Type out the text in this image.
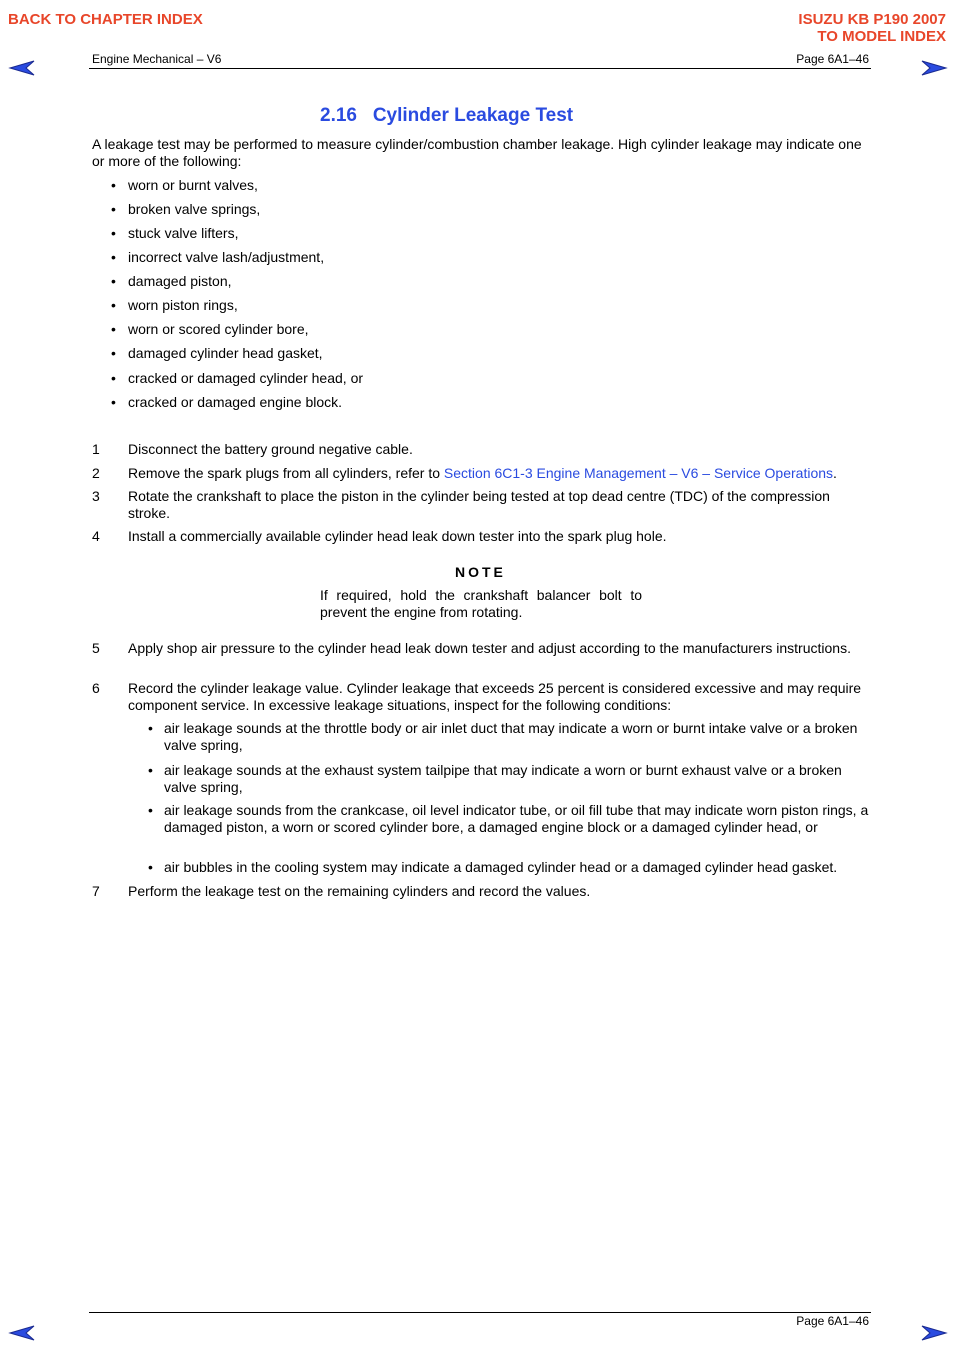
BACK TO CHAPTER INDEX	ISUZU KB P190 2007
TO MODEL INDEX
Engine Mechanical – V6	Page 6A1–46
2.16   Cylinder Leakage Test
A leakage test may be performed to measure cylinder/combustion chamber leakage. High cylinder leakage may indicate one or more of the following:
• worn or burnt valves,
• broken valve springs,
• stuck valve lifters,
• incorrect valve lash/adjustment,
• damaged piston,
• worn piston rings,
• worn or scored cylinder bore,
• damaged cylinder head gasket,
• cracked or damaged cylinder head, or
• cracked or damaged engine block.
1 Disconnect the battery ground negative cable.
2 Remove the spark plugs from all cylinders, refer to Section 6C1-3 Engine Management – V6 – Service Operations.
3 Rotate the crankshaft to place the piston in the cylinder being tested at top dead centre (TDC) of the compression stroke.
4 Install a commercially available cylinder head leak down tester into the spark plug hole.
NOTE
If required, hold the crankshaft balancer bolt to prevent the engine from rotating.
5 Apply shop air pressure to the cylinder head leak down tester and adjust according to the manufacturers instructions.
6 Record the cylinder leakage value. Cylinder leakage that exceeds 25 percent is considered excessive and may require component service. In excessive leakage situations, inspect for the following conditions:
• air leakage sounds at the throttle body or air inlet duct that may indicate a worn or burnt intake valve or a broken valve spring,
• air leakage sounds at the exhaust system tailpipe that may indicate a worn or burnt exhaust valve or a broken valve spring,
• air leakage sounds from the crankcase, oil level indicator tube, or oil fill tube that may indicate worn piston rings, a damaged piston, a worn or scored cylinder bore, a damaged engine block or a damaged cylinder head, or
• air bubbles in the cooling system may indicate a damaged cylinder head or a damaged cylinder head gasket.
7 Perform the leakage test on the remaining cylinders and record the values.
Page 6A1–46
